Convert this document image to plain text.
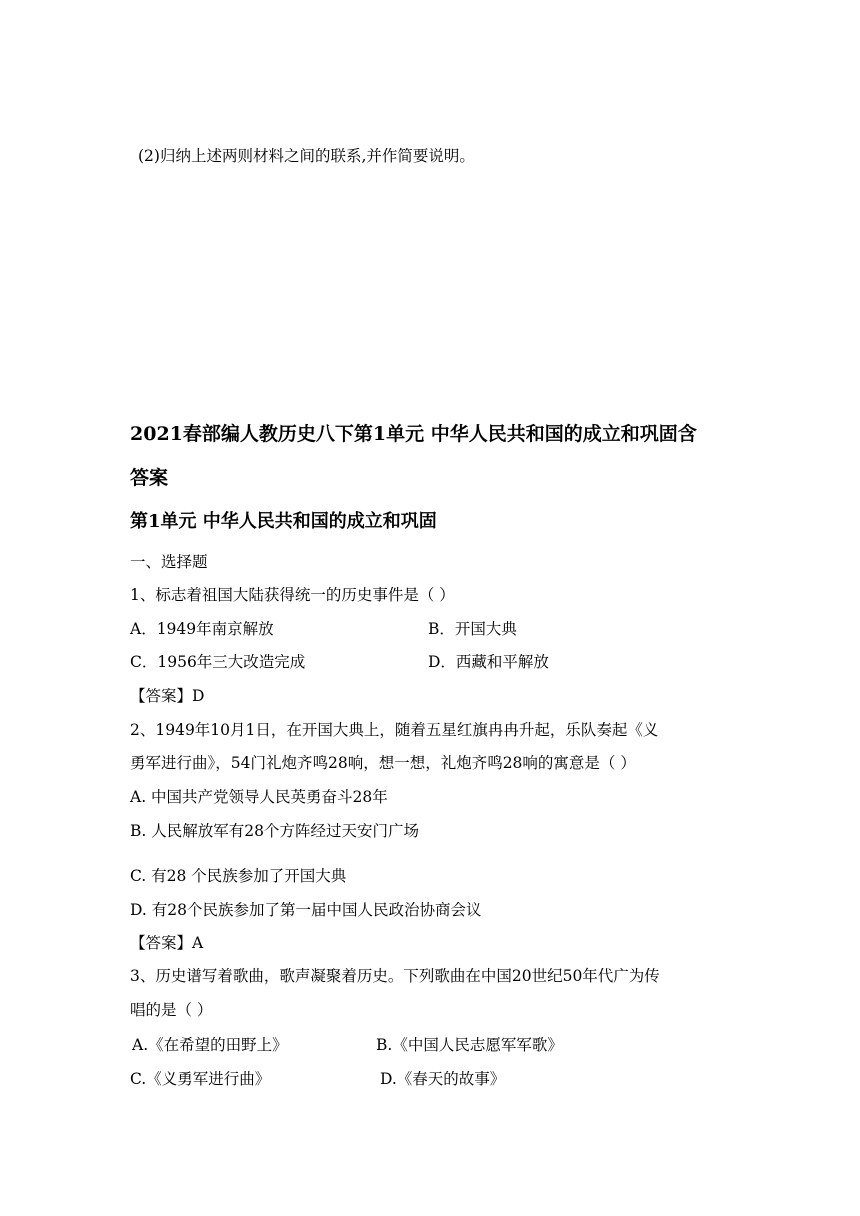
(2)归纳上述两则材料之间的联系,并作简要说明。
2021春部编人教历史八下第1单元 中华人民共和国的成立和巩固含
答案
第1单元 中华人民共和国的成立和巩固
一、选择题
1、标志着祖国大陆获得统一的历史事件是（ ）
A．1949年南京解放	B．开国大典
C．1956年三大改造完成	D．西藏和平解放
【答案】D
2、1949年10月1日，在开国大典上，随着五星红旗冉冉升起，乐队奏起《义
勇军进行曲》，54门礼炮齐鸣28响，想一想，礼炮齐鸣28响的寓意是（ ）
A. 中国共产党领导人民英勇奋斗28年
B. 人民解放军有28个方阵经过天安门广场
C. 有28 个民族参加了开国大典
D. 有28个民族参加了第一届中国人民政治协商会议
【答案】A
3、历史谱写着歌曲，歌声凝聚着历史。下列歌曲在中国20世纪50年代广为传
唱的是（ ）
A.《在希望的田野上》	B.《中国人民志愿军军歌》
C.《义勇军进行曲》	D.《春天的故事》
